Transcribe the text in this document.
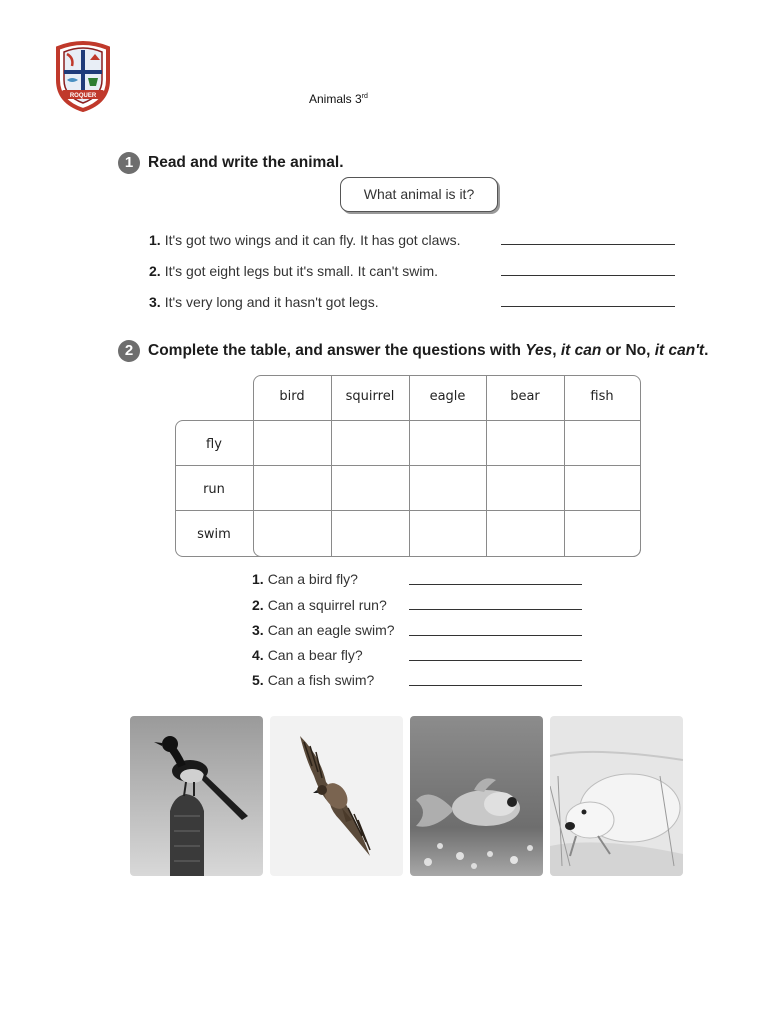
ROQUER	Animals 3rd
1 Read and write the animal.
What animal is it?
1. It's got two wings and it can fly. It has got claws.
2. It's got eight legs but it's small. It can't swim.
3. It's very long and it hasn't got legs.
2 Complete the table, and answer the questions with Yes, it can or No, it can't.
bird	squirrel	eagle	bear	fish
fly
run
swim
1. Can a bird fly?
2. Can a squirrel run?
3. Can an eagle swim?
4. Can a bear fly?
5. Can a fish swim?
